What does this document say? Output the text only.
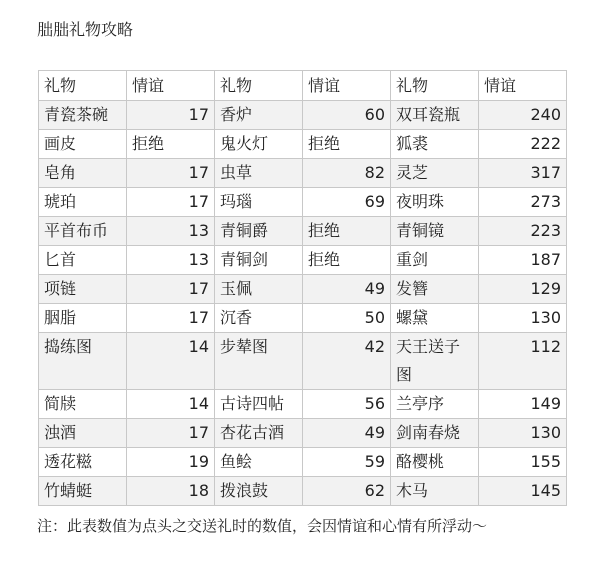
朏朏礼物攻略
礼物	情谊	礼物	情谊	礼物	情谊
青瓷茶碗	17	香炉	60	双耳瓷瓶	240
画皮	拒绝	鬼火灯	拒绝	狐裘	222
皂角	17	虫草	82	灵芝	317
琥珀	17	玛瑙	69	夜明珠	273
平首布币	13	青铜爵	拒绝	青铜镜	223
匕首	13	青铜剑	拒绝	重剑	187
项链	17	玉佩	49	发簪	129
胭脂	17	沉香	50	螺黛	130
捣练图	14	步辇图	42	天王送子图	112
简牍	14	古诗四帖	56	兰亭序	149
浊酒	17	杏花古酒	49	剑南春烧	130
透花糍	19	鱼鲙	59	酪樱桃	155
竹蜻蜓	18	拨浪鼓	62	木马	145
注：此表数值为点头之交送礼时的数值，会因情谊和心情有所浮动～
